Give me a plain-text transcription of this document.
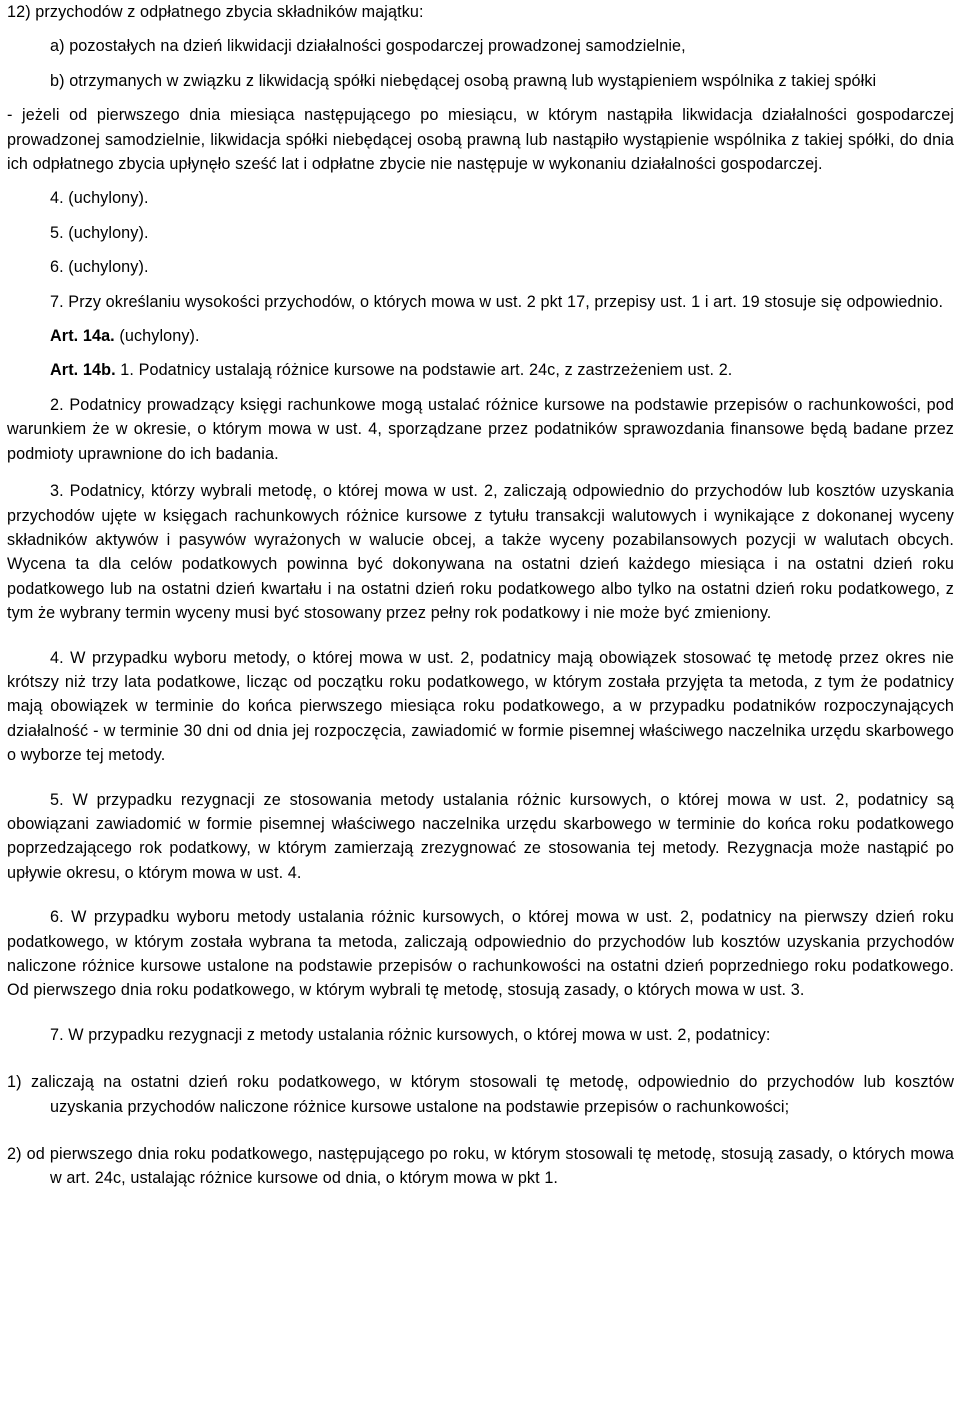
12) przychodów z odpłatnego zbycia składników majątku:

a) pozostałych na dzień likwidacji działalności gospodarczej prowadzonej samodzielnie,

b) otrzymanych w związku z likwidacją spółki niebędącej osobą prawną lub wystąpieniem wspólnika z takiej spółki

- jeżeli od pierwszego dnia miesiąca następującego po miesiącu, w którym nastąpiła likwidacja działalności gospodarczej prowadzonej samodzielnie, likwidacja spółki niebędącej osobą prawną lub nastąpiło wystąpienie wspólnika z takiej spółki, do dnia ich odpłatnego zbycia upłynęło sześć lat i odpłatne zbycie nie następuje w wykonaniu działalności gospodarczej.

4. (uchylony).

5. (uchylony).

6. (uchylony).

7. Przy określaniu wysokości przychodów, o których mowa w ust. 2 pkt 17, przepisy ust. 1 i art. 19 stosuje się odpowiednio.

Art. 14a. (uchylony).

Art. 14b. 1. Podatnicy ustalają różnice kursowe na podstawie art. 24c, z zastrzeżeniem ust. 2.

2. Podatnicy prowadzący księgi rachunkowe mogą ustalać różnice kursowe na podstawie przepisów o rachunkowości, pod warunkiem że w okresie, o którym mowa w ust. 4, sporządzane przez podatników sprawozdania finansowe będą badane przez podmioty uprawnione do ich badania.

3. Podatnicy, którzy wybrali metodę, o której mowa w ust. 2, zaliczają odpowiednio do przychodów lub kosztów uzyskania przychodów ujęte w księgach rachunkowych różnice kursowe z tytułu transakcji walutowych i wynikające z dokonanej wyceny składników aktywów i pasywów wyrażonych w walucie obcej, a także wyceny pozabilansowych pozycji w walutach obcych. Wycena ta dla celów podatkowych powinna być dokonywana na ostatni dzień każdego miesiąca i na ostatni dzień roku podatkowego lub na ostatni dzień kwartału i na ostatni dzień roku podatkowego albo tylko na ostatni dzień roku podatkowego, z tym że wybrany termin wyceny musi być stosowany przez pełny rok podatkowy i nie może być zmieniony.

4. W przypadku wyboru metody, o której mowa w ust. 2, podatnicy mają obowiązek stosować tę metodę przez okres nie krótszy niż trzy lata podatkowe, licząc od początku roku podatkowego, w którym została przyjęta ta metoda, z tym że podatnicy mają obowiązek w terminie do końca pierwszego miesiąca roku podatkowego, a w przypadku podatników rozpoczynających działalność - w terminie 30 dni od dnia jej rozpoczęcia, zawiadomić w formie pisemnej właściwego naczelnika urzędu skarbowego o wyborze tej metody.

5. W przypadku rezygnacji ze stosowania metody ustalania różnic kursowych, o której mowa w ust. 2, podatnicy są obowiązani zawiadomić w formie pisemnej właściwego naczelnika urzędu skarbowego w terminie do końca roku podatkowego poprzedzającego rok podatkowy, w którym zamierzają zrezygnować ze stosowania tej metody. Rezygnacja może nastąpić po upływie okresu, o którym mowa w ust. 4.

6. W przypadku wyboru metody ustalania różnic kursowych, o której mowa w ust. 2, podatnicy na pierwszy dzień roku podatkowego, w którym została wybrana ta metoda, zaliczają odpowiednio do przychodów lub kosztów uzyskania przychodów naliczone różnice kursowe ustalone na podstawie przepisów o rachunkowości na ostatni dzień poprzedniego roku podatkowego. Od pierwszego dnia roku podatkowego, w którym wybrali tę metodę, stosują zasady, o których mowa w ust. 3.

7. W przypadku rezygnacji z metody ustalania różnic kursowych, o której mowa w ust. 2, podatnicy:

1) zaliczają na ostatni dzień roku podatkowego, w którym stosowali tę metodę, odpowiednio do przychodów lub kosztów uzyskania przychodów naliczone różnice kursowe ustalone na podstawie przepisów o rachunkowości;

2) od pierwszego dnia roku podatkowego, następującego po roku, w którym stosowali tę metodę, stosują zasady, o których mowa w art. 24c, ustalając różnice kursowe od dnia, o którym mowa w pkt 1.
